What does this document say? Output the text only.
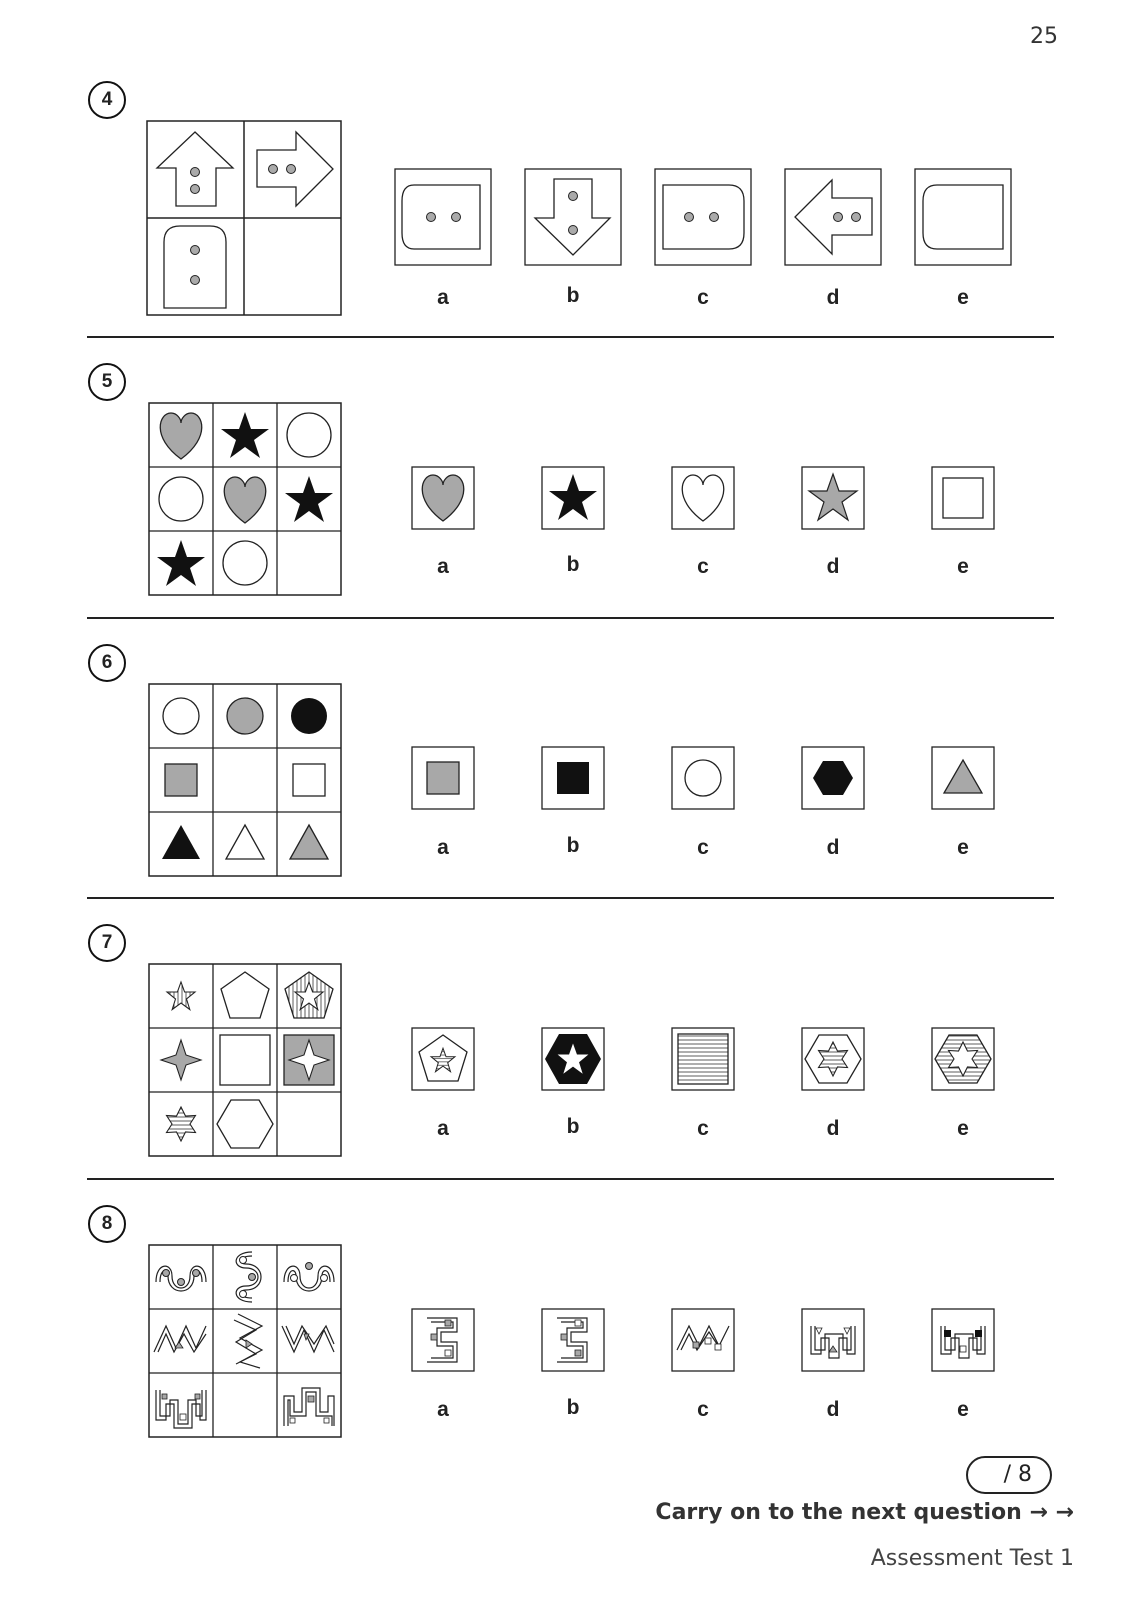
25
4
a	b	c	d	e
5
a	b	c	d	e
6
a	b	c	d	e
7
a	b	c	d	e
8
a	b	c	d	e
/ 8
Carry on to the next question → →
Assessment Test 1
